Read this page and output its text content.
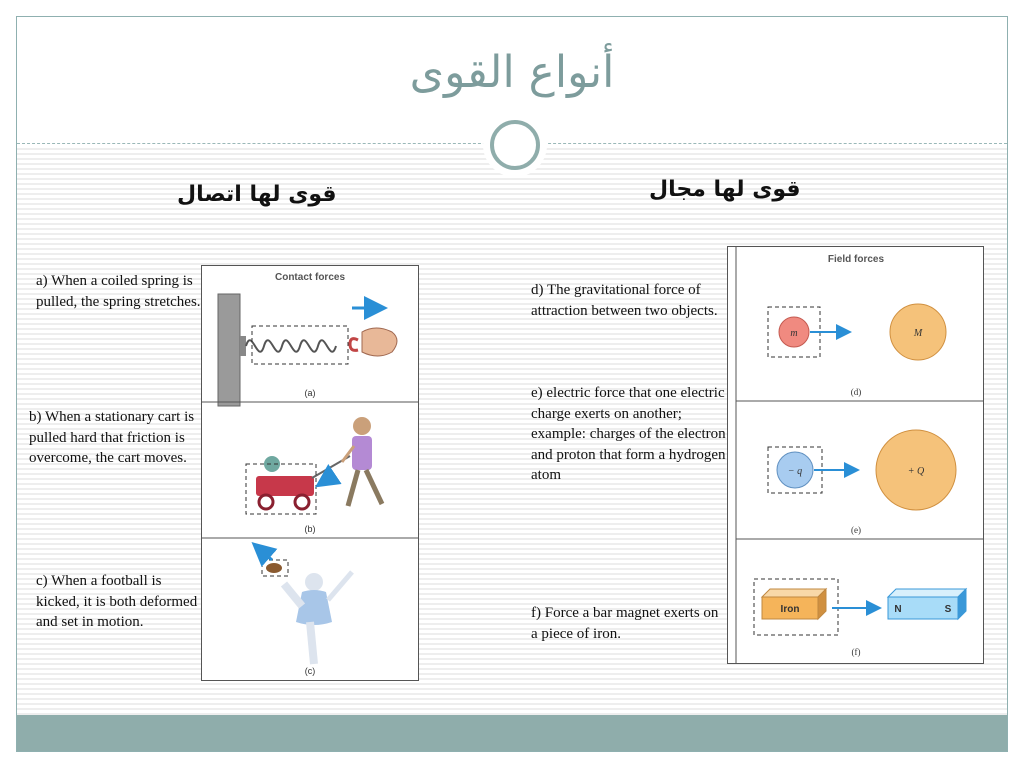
أنواع القوى
قوى لها اتصال	قوى لها مجال
a) When a coiled spring is pulled, the spring stretches.
b) When a stationary cart is pulled hard that friction is overcome, the cart moves.
c) When a football is kicked, it is both deformed and set in motion.
d) The gravitational force of attraction between two objects.
e) electric force that one electric charge exerts on another; example: charges of the electron and proton that form a hydrogen atom
f) Force a bar magnet exerts on a piece of iron.
Contact forces
(a)
(b)
(c)
Field forces
m	M
(d)
− q	+ Q
(e)
Iron	N	S
(f)
